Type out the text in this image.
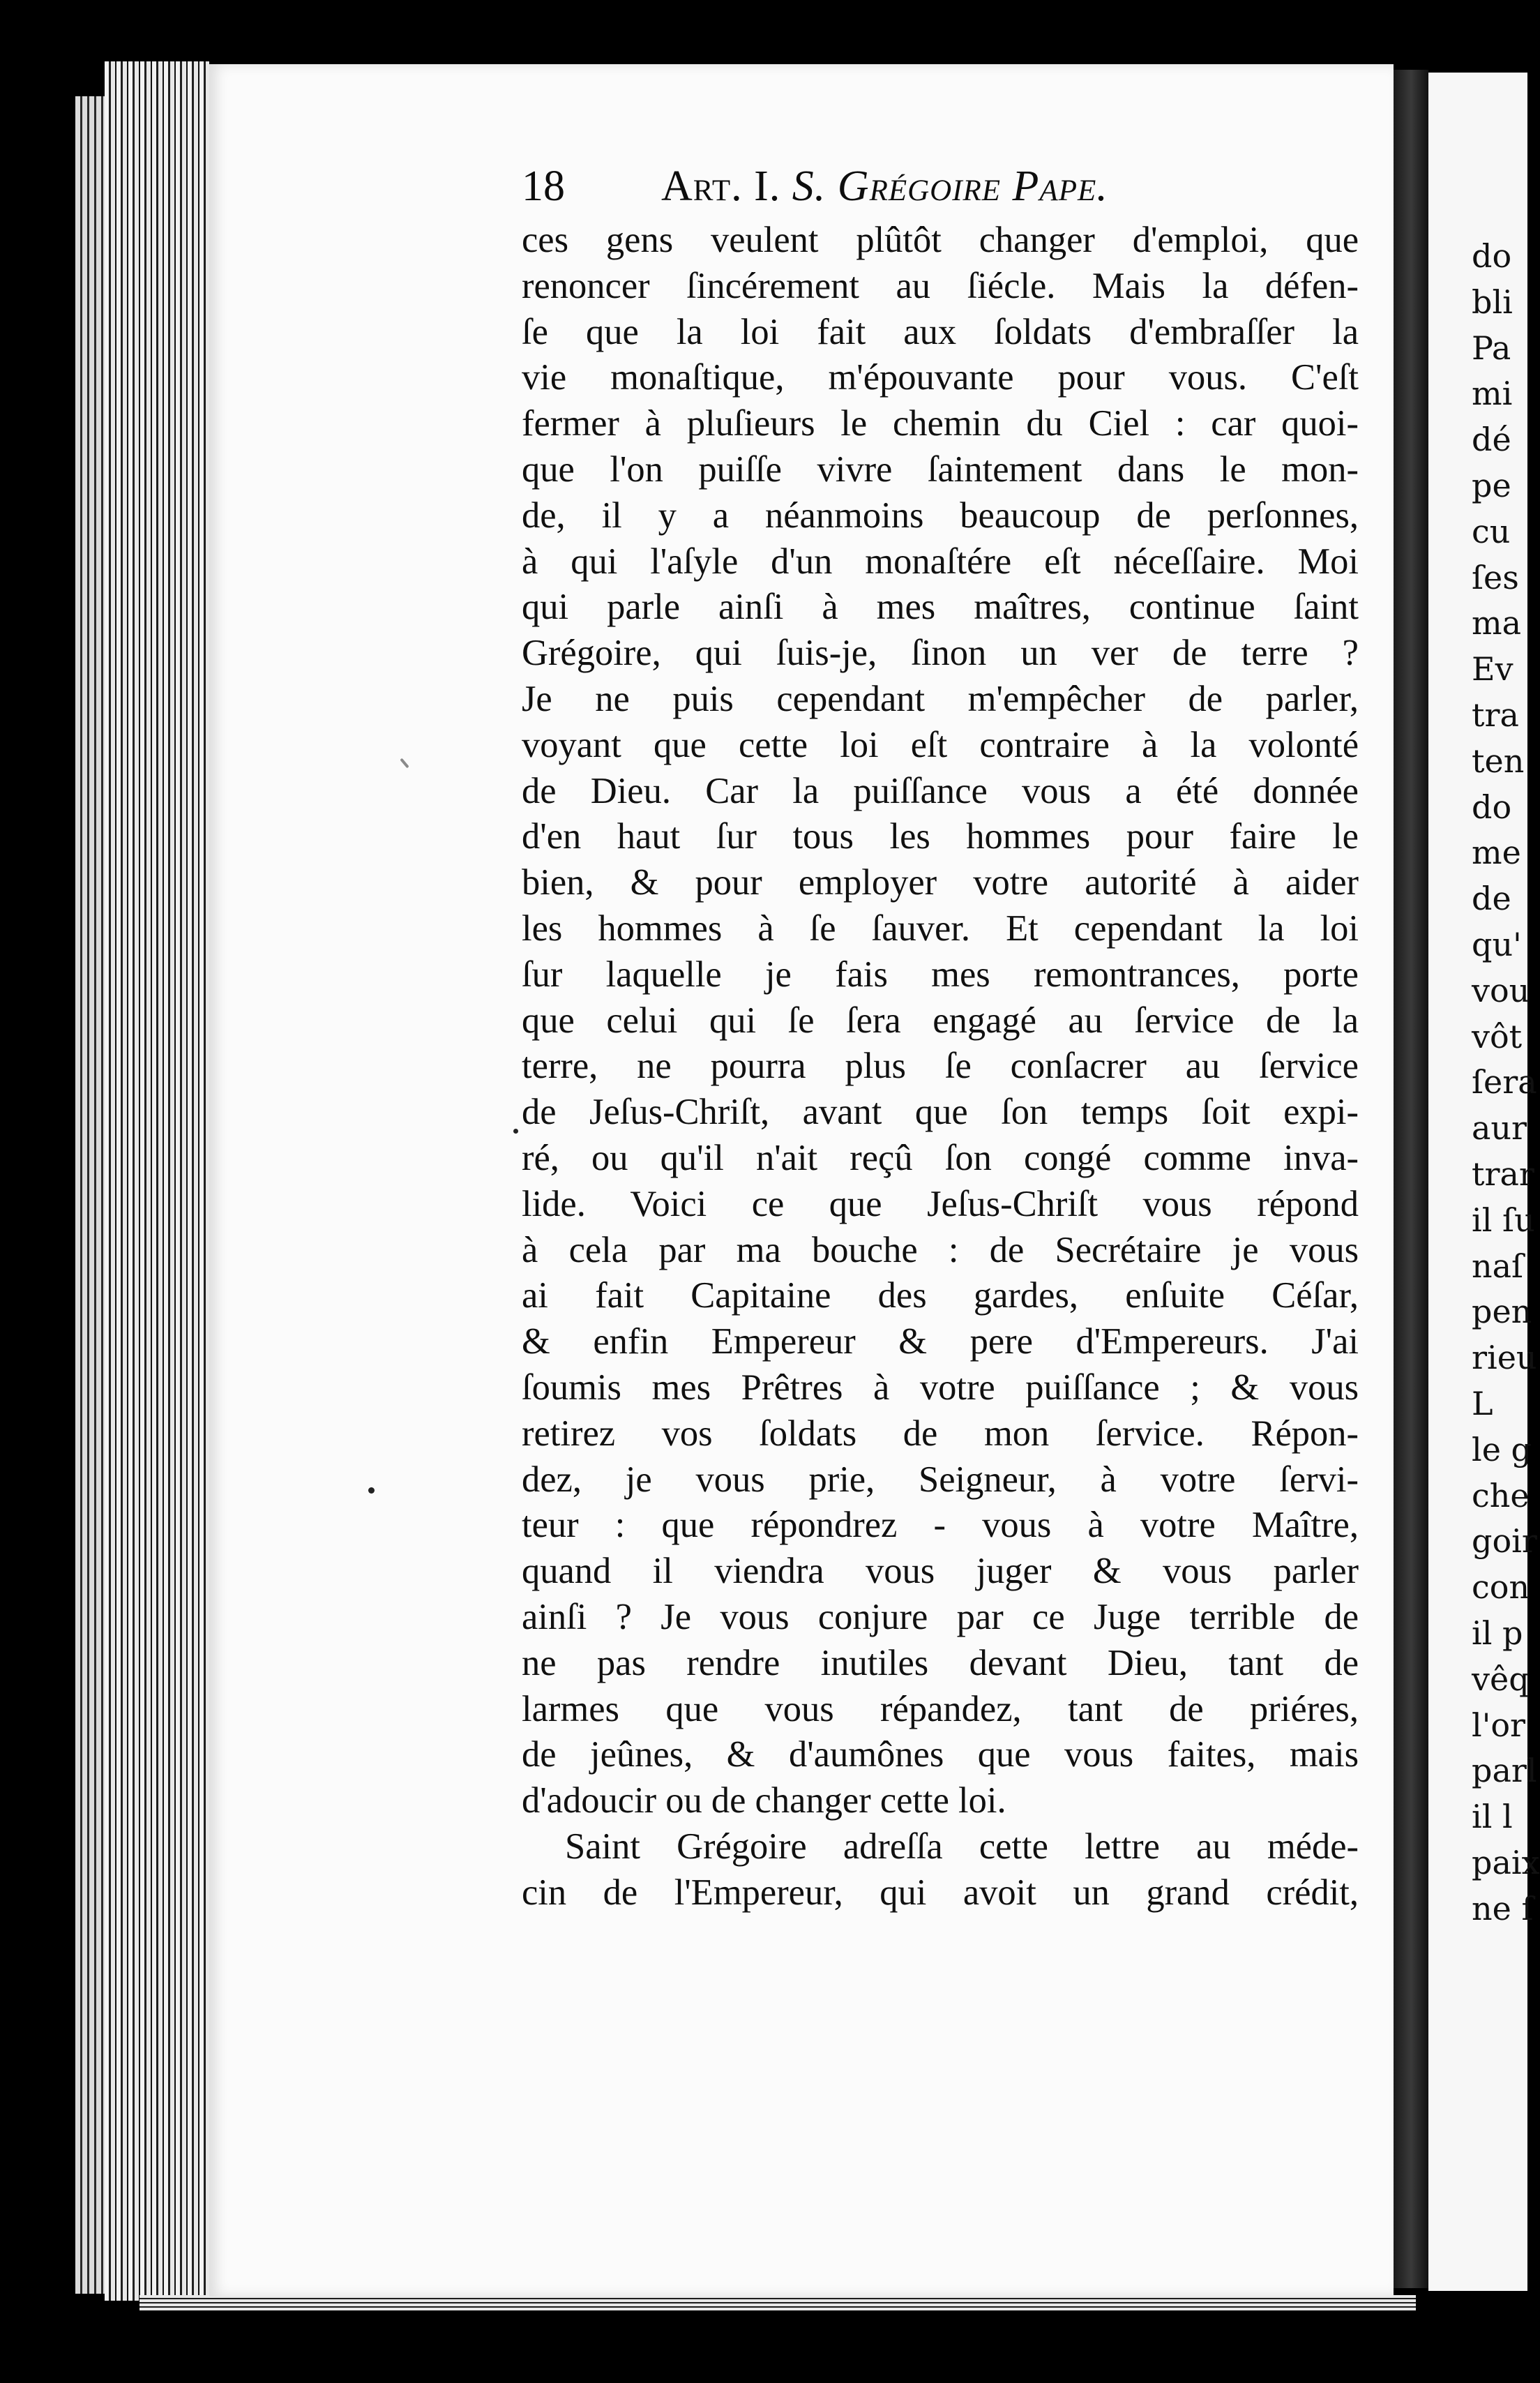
18 Art. I. S. Grégoire Pape.
ces gens veulent plûtôt changer d'emploi, que
renoncer ſincérement au ſiécle. Mais la défen-
ſe que la loi fait aux ſoldats d'embraſſer la
vie monaſtique, m'épouvante pour vous. C'eſt
fermer à pluſieurs le chemin du Ciel : car quoi-
que l'on puiſſe vivre ſaintement dans le mon-
de, il y a néanmoins beaucoup de perſonnes,
à qui l'aſyle d'un monaſtére eſt néceſſaire. Moi
qui parle ainſi à mes maîtres, continue ſaint
Grégoire, qui ſuis-je, ſinon un ver de terre ?
Je ne puis cependant m'empêcher de parler,
voyant que cette loi eſt contraire à la volonté
de Dieu. Car la puiſſance vous a été donnée
d'en haut ſur tous les hommes pour faire le
bien, & pour employer votre autorité à aider
les hommes à ſe ſauver. Et cependant la loi
ſur laquelle je fais mes remontrances, porte
que celui qui ſe ſera engagé au ſervice de la
terre, ne pourra plus ſe conſacrer au ſervice
de Jeſus-Chriſt, avant que ſon temps ſoit expi-
ré, ou qu'il n'ait reçû ſon congé comme inva-
lide. Voici ce que Jeſus-Chriſt vous répond
à cela par ma bouche : de Secrétaire je vous
ai fait Capitaine des gardes, enſuite Céſar,
& enfin Empereur & pere d'Empereurs. J'ai
ſoumis mes Prêtres à votre puiſſance ; & vous
retirez vos ſoldats de mon ſervice. Répon-
dez, je vous prie, Seigneur, à votre ſervi-
teur : que répondrez - vous à votre Maître,
quand il viendra vous juger & vous parler
ainſi ? Je vous conjure par ce Juge terrible de
ne pas rendre inutiles devant Dieu, tant de
larmes que vous répandez, tant de priéres,
de jeûnes, & d'aumônes que vous faites, mais
d'adoucir ou de changer cette loi.
Saint Grégoire adreſſa cette lettre au méde-
cin de l'Empereur, qui avoit un grand crédit,
do
bli
Pa
mi
dé
pe
cu
ſes
ma
Ev
tra
ten
do
me
de
qu'
vou
vôt
ſera
aur
trar
il ſu
naſ
pen
rieu
L
le g
che
goir
con
il p
vêq
l'or
parl
il l
paix
ne ſ
